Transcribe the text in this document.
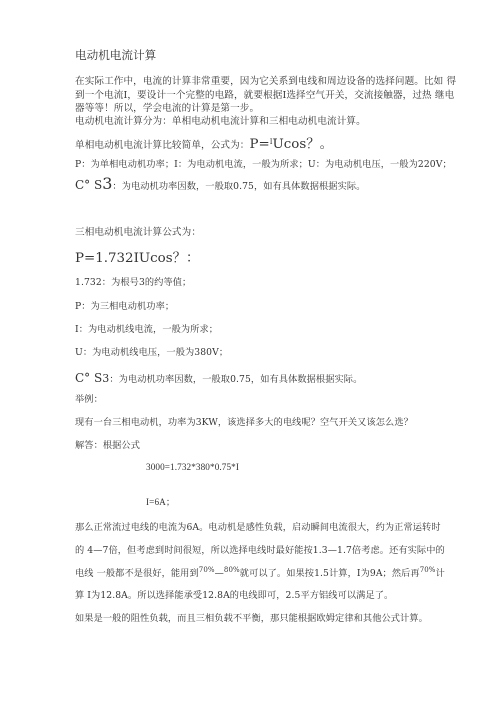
电动机电流计算
在实际工作中，电流的计算非常重要，因为它关系到电线和周边设备的选择问题。比如 得
到一个电流I，要设计一个完整的电路，就要根据I选择空气开关，交流接触器，过热 继电
器等等！所以，学会电流的计算是第一步。
电动机电流计算分为：单相电动机电流计算和三相电动机电流计算。
单相电动机电流计算比较简单，公式为：P=$^I$Ucos？。
P：为单相电动机功率；I：为电动机电流，一般为所求；U：为电动机电压，一般为220V；
C° S3：为电动机功率因数，一般取0.75，如有具体数据根据实际。
三相电动机电流计算公式为：
P=1.732IUcos？：
1.732：为根号3的约等值；
P：为三相电动机功率；
I：为电动机线电流，一般为所求；
U：为电动机线电压，一般为380V；
C° S3：为电动机功率因数，一般取0.75，如有具体数据根据实际。
举例：
现有一台三相电动机，功率为3KW，该选择多大的电线呢？空气开关又该怎么选？
解答：根据公式
3000=1.732*380*0.75*I
I=6A；
那么正常流过电线的电流为6A。电动机是感性负载，启动瞬间电流很大，约为正常运转时
的 4—7倍，但考虑到时间很短，所以选择电线时最好能按1.3—1.7倍考虑。还有实际中的
电线 一般都不是很好，能用到$^{70\%}$—$^{80\%}$就可以了。如果按1.5计算，I为9A；然后再$^{70\%}$计
算 I为12.8A。所以选择能承受12.8A的电线即可，2.5平方铝线可以满足了。
如果是一般的阻性负载，而且三相负载不平衡，那只能根据欧姆定律和其他公式计算。
